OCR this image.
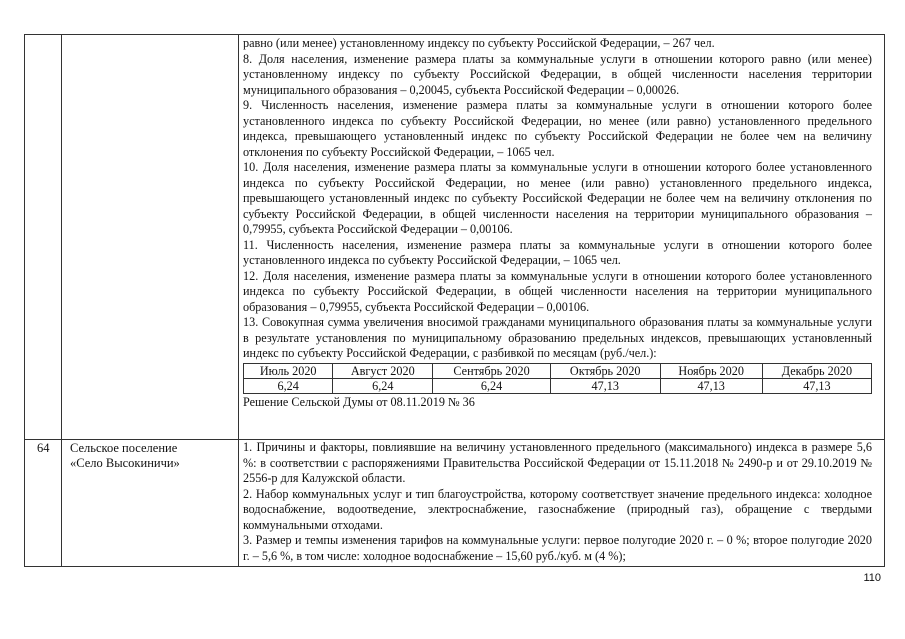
равно (или менее) установленному индексу по субъекту Российской Федерации, – 267 чел.

8. Доля населения, изменение размера платы за коммунальные услуги в отношении которого равно (или менее) установленному индексу по субъекту Российской Федерации, в общей численности населения территории муниципального образования – 0,20045, субъекта Российской Федерации – 0,00026.

9. Численность населения, изменение размера платы за коммунальные услуги в отношении которого более установленного индекса по субъекту Российской Федерации, но менее (или равно) установленного предельного индекса, превышающего установленный индекс по субъекту Российской Федерации не более чем на величину отклонения по субъекту Российской Федерации, – 1065 чел.

10. Доля населения, изменение размера платы за коммунальные услуги в отношении которого более установленного индекса по субъекту Российской Федерации, но менее (или равно) установленного предельного индекса, превышающего установленный индекс по субъекту Российской Федерации не более чем на величину отклонения по субъекту Российской Федерации, в общей численности населения на территории муниципального образования – 0,79955, субъекта Российской Федерации – 0,00106.

11. Численность населения, изменение размера платы за коммунальные услуги в отношении которого более установленного индекса по субъекту Российской Федерации, – 1065 чел.

12. Доля населения, изменение размера платы за коммунальные услуги в отношении которого более установленного индекса по субъекту Российской Федерации, в общей численности населения на территории муниципального образования – 0,79955, субъекта Российской Федерации – 0,00106.

13. Совокупная сумма увеличения вносимой гражданами муниципального образования платы за коммунальные услуги в результате установления по муниципальному образованию предельных индексов, превышающих установленный индекс по субъекту Российской Федерации, с разбивкой по месяцам (руб./чел.):

Июль 2020	Август 2020	Сентябрь 2020	Октябрь 2020	Ноябрь 2020	Декабрь 2020
6,24	6,24	6,24	47,13	47,13	47,13

Решение Сельской Думы от 08.11.2019 № 36

64 Сельское поселение
«Село Высокиничи»

1. Причины и факторы, повлиявшие на величину установленного предельного (максимального) индекса в размере 5,6 %: в соответствии с распоряжениями Правительства Российской Федерации от 15.11.2018 № 2490-р и от 29.10.2019 № 2556-р для Калужской области.

2. Набор коммунальных услуг и тип благоустройства, которому соответствует значение предельного индекса: холодное водоснабжение, водоотведение, электроснабжение, газоснабжение (природный газ), обращение с твердыми коммунальными отходами.

3. Размер и темпы изменения тарифов на коммунальные услуги: первое полугодие 2020 г. – 0 %; второе полугодие 2020 г. – 5,6 %, в том числе: холодное водоснабжение – 15,60 руб./куб. м (4 %);

110
